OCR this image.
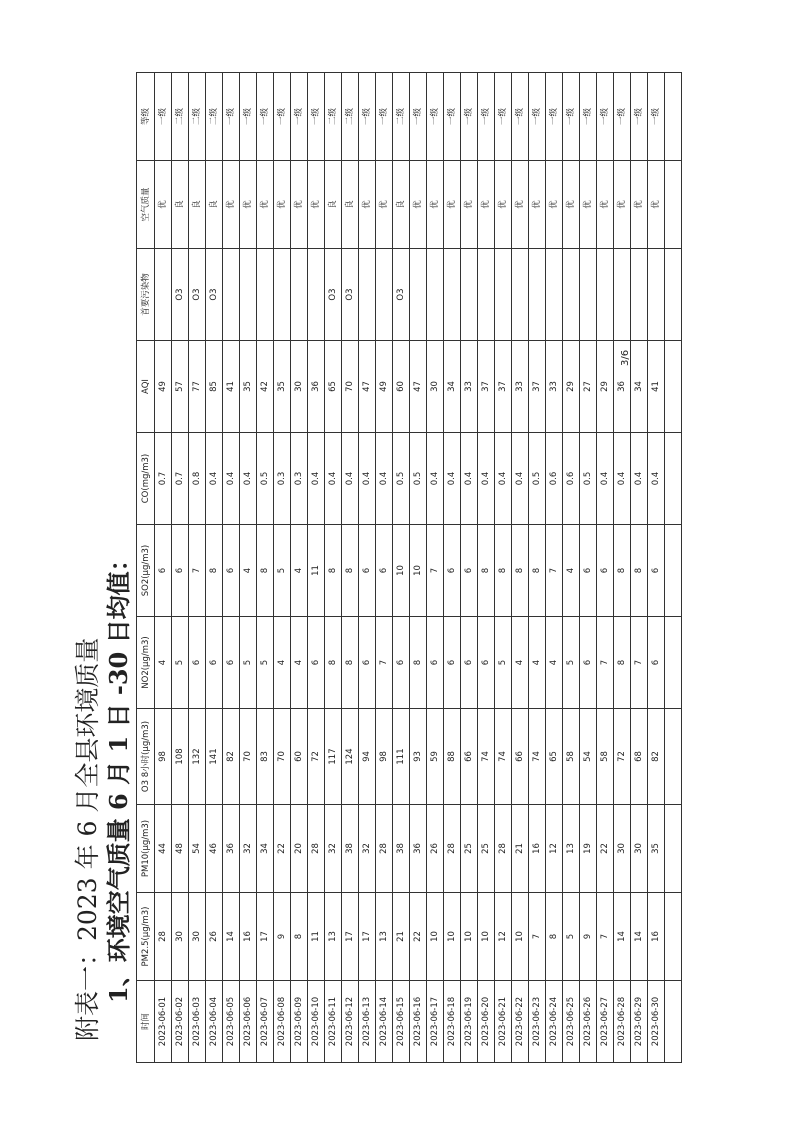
附表一：2023 年 6 月全县环境质量 1、环境空气质量 6 月 1 日 -30 日均值：
时间	PM2.5(μg/m3)	PM10(μg/m3)	O3 8小时(μg/m3)	NO2(μg/m3)	SO2(μg/m3)	CO(mg/m3)	AQI	首要污染物	空气质量	等级
2023-06-01	28	44	98	4	6	0.7	49		优	一级
2023-06-02	30	48	108	5	6	0.7	57	O3	良	二级
2023-06-03	30	54	132	6	7	0.8	77	O3	良	二级
2023-06-04	26	46	141	6	8	0.4	85	O3	良	二级
2023-06-05	14	36	82	6	6	0.4	41		优	一级
2023-06-06	16	32	70	5	4	0.4	35		优	一级
2023-06-07	17	34	83	5	8	0.5	42		优	一级
2023-06-08	9	22	70	4	5	0.3	35		优	一级
2023-06-09	8	20	60	4	4	0.3	30		优	一级
2023-06-10	11	28	72	6	11	0.4	36		优	一级
2023-06-11	13	32	117	8	8	0.4	65	O3	良	二级
2023-06-12	17	38	124	8	8	0.4	70	O3	良	二级
2023-06-13	17	32	94	6	6	0.4	47		优	一级
2023-06-14	13	28	98	7	6	0.4	49		优	一级
2023-06-15	21	38	111	6	10	0.5	60	O3	良	二级
2023-06-16	22	36	93	8	10	0.5	47		优	一级
2023-06-17	10	26	59	6	7	0.4	30		优	一级
2023-06-18	10	28	88	6	6	0.4	34		优	一级
2023-06-19	10	25	66	6	6	0.4	33		优	一级
2023-06-20	10	25	74	6	8	0.4	37		优	一级
2023-06-21	12	28	74	5	8	0.4	37		优	一级
2023-06-22	10	21	66	4	8	0.4	33		优	一级
2023-06-23	7	16	74	4	8	0.5	37		优	一级
2023-06-24	8	12	65	4	7	0.6	33		优	一级
2023-06-25	5	13	58	5	4	0.6	29		优	一级
2023-06-26	9	19	54	6	6	0.5	27		优	一级
2023-06-27	7	22	58	7	6	0.4	29		优	一级
2023-06-28	14	30	72	8	8	0.4	36		优	一级
2023-06-29	14	30	68	7	8	0.4	34		优	一级
2023-06-30	16	35	82	6	6	0.4	41		优	一级

3/6
